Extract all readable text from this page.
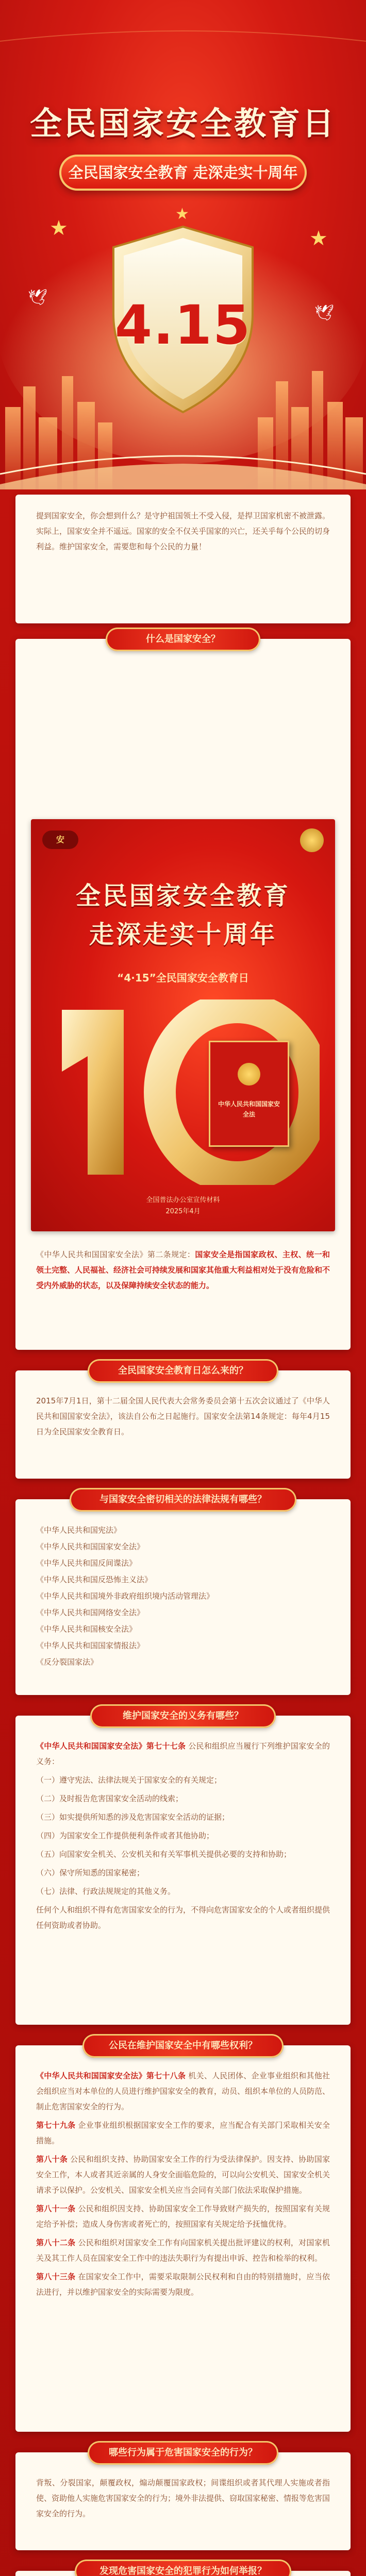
全民国家安全教育日
全民国家安全教育 走深走实十周年
4.15
★	★
★
🕊
🕊

提到国家安全，你会想到什么？是守护祖国领土不受入侵，是捍卫国家机密不被泄露。实际上，国家安全并不遥远。国家的安全不仅关乎国家的兴亡，还关乎每个公民的切身利益。维护国家安全，需要您和每个公民的力量！

什么是国家安全？
安
全民国家安全教育
走深走实十周年
“4·15”全民国家安全教育日
中华人民共和国国家安全法
全国普法办公室宣传材料
2025年4月

《中华人民共和国国家安全法》第二条规定：国家安全是指国家政权、主权、统一和领土完整、人民福祉、经济社会可持续发展和国家其他重大利益相对处于没有危险和不受内外威胁的状态，以及保障持续安全状态的能力。

2015年7月1日，第十二届全国人民代表大会常务委员会第十五次会议通过了《中华人民共和国国家安全法》，该法自公布之日起施行。国家安全法第14条规定：每年4月15日为全民国家安全教育日。

全民国家安全教育日怎么来的？
《中华人民共和国宪法》
《中华人民共和国国家安全法》
《中华人民共和国反间谍法》
《中华人民共和国反恐怖主义法》
《中华人民共和国境外非政府组织境内活动管理法》
《中华人民共和国网络安全法》
《中华人民共和国核安全法》
《中华人民共和国国家情报法》
《反分裂国家法》
与国家安全密切相关的法律法规有哪些？

《中华人民共和国国家安全法》第七十七条 公民和组织应当履行下列维护国家安全的义务：

（一）遵守宪法、法律法规关于国家安全的有关规定；

（二）及时报告危害国家安全活动的线索；

（三）如实提供所知悉的涉及危害国家安全活动的证据；

（四）为国家安全工作提供便利条件或者其他协助；

（五）向国家安全机关、公安机关和有关军事机关提供必要的支持和协助；

（六）保守所知悉的国家秘密；

（七）法律、行政法规规定的其他义务。

任何个人和组织不得有危害国家安全的行为，不得向危害国家安全的个人或者组织提供任何资助或者协助。

维护国家安全的义务有哪些？

《中华人民共和国国家安全法》第七十八条 机关、人民团体、企业事业组织和其他社会组织应当对本单位的人员进行维护国家安全的教育，动员、组织本单位的人员防范、制止危害国家安全的行为。

第七十九条 企业事业组织根据国家安全工作的要求，应当配合有关部门采取相关安全措施。

第八十条 公民和组织支持、协助国家安全工作的行为受法律保护。因支持、协助国家安全工作，本人或者其近亲属的人身安全面临危险的，可以向公安机关、国家安全机关请求予以保护。公安机关、国家安全机关应当会同有关部门依法采取保护措施。

第八十一条 公民和组织因支持、协助国家安全工作导致财产损失的，按照国家有关规定给予补偿；造成人身伤害或者死亡的，按照国家有关规定给予抚恤优待。

第八十二条 公民和组织对国家安全工作有向国家机关提出批评建议的权利，对国家机关及其工作人员在国家安全工作中的违法失职行为有提出申诉、控告和检举的权利。

第八十三条 在国家安全工作中，需要采取限制公民权利和自由的特别措施时，应当依法进行，并以维护国家安全的实际需要为限度。

公民在维护国家安全中有哪些权利？

背叛、分裂国家，颠覆政权，煽动颠覆国家政权；间谍组织或者其代理人实施或者指使、资助他人实施危害国家安全的行为；境外非法提供、窃取国家秘密、情报等危害国家安全的行为。

哪些行为属于危害国家安全的行为？

发现危害国家安全的犯罪行为如何举报？
